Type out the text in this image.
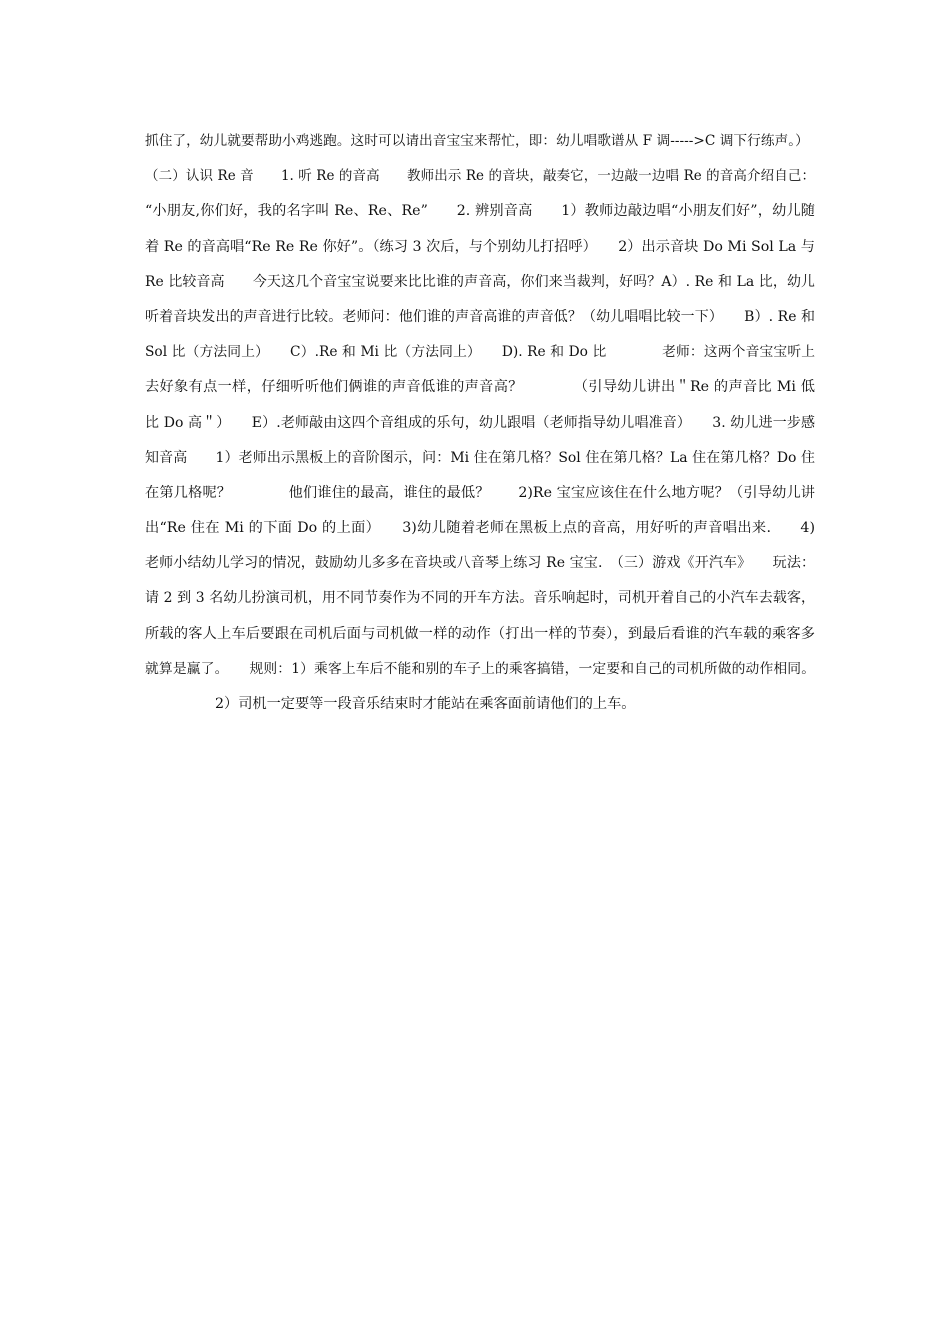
抓住了，幼儿就要帮助小鸡逃跑。这时可以请出音宝宝来帮忙，即：幼儿唱歌谱从 F 调----->C 调下行练声。）
（二）认识 Re 音　　1. 听 Re 的音高　　教师出示 Re 的音块，敲奏它，一边敲一边唱 Re 的音高介绍自己：
“小朋友,你们好，我的名字叫 Re、Re、Re”　　2. 辨别音高　　1）教师边敲边唱“小朋友们好”，幼儿随
着 Re 的音高唱“Re Re Re 你好”。（练习 3 次后，与个别幼儿打招呼）　　2）出示音块 Do Mi Sol La 与
Re 比较音高　　今天这几个音宝宝说要来比比谁的声音高，你们来当裁判，好吗？A）. Re 和 La 比，幼儿
听着音块发出的声音进行比较。老师问：他们谁的声音高谁的声音低？（幼儿唱唱比较一下）　　B）. Re 和
Sol 比（方法同上）　　C）.Re 和 Mi 比（方法同上）　　D). Re 和 Do 比　　　　老师：这两个音宝宝听上
去好象有点一样，仔细听听他们俩谁的声音低谁的声音高？　　　　（引导幼儿讲出＂Re 的声音比 Mi 低
比 Do 高＂）　　E）.老师敲由这四个音组成的乐句，幼儿跟唱（老师指导幼儿唱准音）　　3. 幼儿进一步感
知音高　　1）老师出示黑板上的音阶图示，问：Mi 住在第几格？Sol 住在第几格？La 住在第几格？Do 住
在第几格呢？　　　　他们谁住的最高，谁住的最低？　　2)Re 宝宝应该住在什么地方呢？（引导幼儿讲
出“Re 住在 Mi 的下面 Do 的上面）　　3)幼儿随着老师在黑板上点的音高，用好听的声音唱出来.　　4)
老师小结幼儿学习的情况，鼓励幼儿多多在音块或八音琴上练习 Re 宝宝.　（三）游戏《开汽车》　　玩法：
请 2 到 3 名幼儿扮演司机，用不同节奏作为不同的开车方法。音乐响起时，司机开着自己的小汽车去载客，
所载的客人上车后要跟在司机后面与司机做一样的动作（打出一样的节奏），到最后看谁的汽车载的乘客多
就算是赢了。　　规则：1）乘客上车后不能和别的车子上的乘客搞错，一定要和自己的司机所做的动作相同。
2）司机一定要等一段音乐结束时才能站在乘客面前请他们的上车。
